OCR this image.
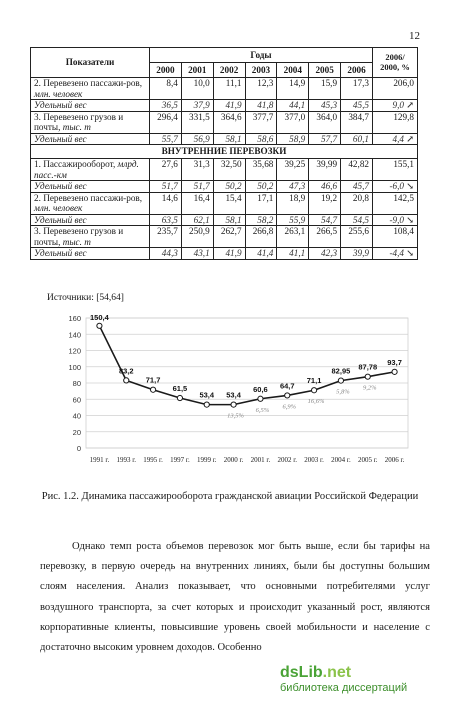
12
Показатели	Годы							2006/ 2000, %
	2000	2001	2002	2003	2004	2005	2006	
2. Перевезено пассажи-ров, млн. человек	8,4	10,0	11,1	12,3	14,9	15,9	17,3	206,0
Удельный вес	36,5	37,9	41,9	41,8	44,1	45,3	45,5	9,0 ↗
3. Перевезено грузов и почты, тыс. т	296,4	331,5	364,6	377,7	377,0	364,0	384,7	129,8
Удельный вес	55,7	56,9	58,1	58,6	58,9	57,7	60,1	4,4 ↗
ВНУТРЕННИЕ ПЕРЕВОЗКИ								
1. Пассажирооборот, млрд. пасс.-км	27,6	31,3	32,50	35,68	39,25	39,99	42,82	155,1
Удельный вес	51,7	51,7	50,2	50,2	47,3	46,6	45,7	-6,0 ↘
2. Перевезено пассажи-ров, млн. человек	14,6	16,4	15,4	17,1	18,9	19,2	20,8	142,5
Удельный вес	63,5	62,1	58,1	58,2	55,9	54,7	54,5	-9,0 ↘
3. Перевезено грузов и почты, тыс. т	235,7	250,9	262,7	266,8	263,1	266,5	255,6	108,4
Удельный вес	44,3	43,1	41,9	41,4	41,1	42,3	39,9	-4,4 ↘
Источники: [54,64]
0
20
40
60
80
100
120
140
160
1991 г. 1993 г. 1995 г. 1997 г. 1999 г. 2000 г. 2001 г. 2002 г. 2003 г. 2004 г. 2005 г. 2006 г.
150,4
83,2
71,7
61,5
53,4 53,4
13,5%
60,6
6,5%
64,7
6,9%
71,1
16,6%
82,95
5,8%
87,78
9,2%
93,7
Рис. 1.2. Динамика пассажирооборота гражданской авиации Российской Федерации
Однако темп роста объемов перевозок мог быть выше, если бы тарифы на перевозку, в первую очередь на внутренних линиях, были бы доступны большим слоям населения. Анализ показывает, что основными потребителями услуг воздушного транспорта, за счет которых и происходит указанный рост, являются корпоративные клиенты, повысившие уровень своей мобильности и население с достаточно высоким уровнем доходов. Особенно
dsLib.net
библиотека диссертаций
